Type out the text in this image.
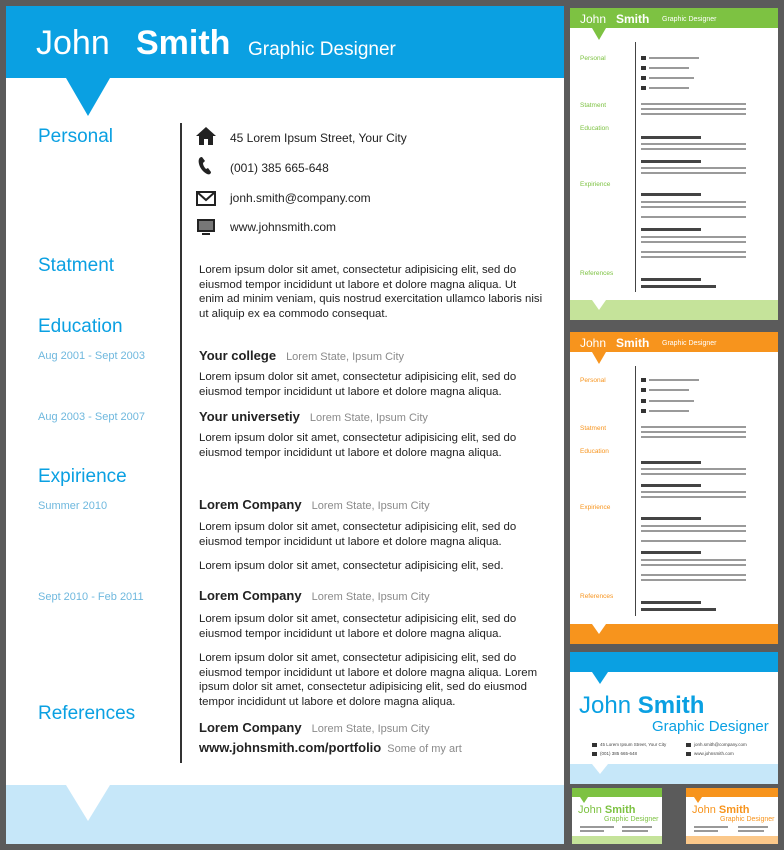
John Smith Graphic Designer
Personal
Statment
Education
Expirience
References
Aug 2001 - Sept 2003
Aug 2003 - Sept 2007
Summer 2010
Sept 2010 - Feb 2011
45 Lorem Ipsum Street, Your City
(001) 385 665-648
jonh.smith@company.com
www.johnsmith.com
Lorem ipsum dolor sit amet, consectetur adipisicing elit, sed do eiusmod tempor incididunt ut labore et dolore magna aliqua. Ut enim ad minim veniam, quis nostrud exercitation ullamco laboris nisi ut aliquip ex ea commodo consequat.
Your college Lorem State, Ipsum City
Lorem ipsum dolor sit amet, consectetur adipisicing elit, sed do eiusmod tempor incididunt ut labore et dolore magna aliqua.
Your universetiy Lorem State, Ipsum City
Lorem ipsum dolor sit amet, consectetur adipisicing elit, sed do eiusmod tempor incididunt ut labore et dolore magna aliqua.
Lorem Company Lorem State, Ipsum City
Lorem ipsum dolor sit amet, consectetur adipisicing elit, sed do eiusmod tempor incididunt ut labore et dolore magna aliqua.
Lorem ipsum dolor sit amet, consectetur adipisicing elit, sed.
Lorem Company Lorem State, Ipsum City
Lorem ipsum dolor sit amet, consectetur adipisicing elit, sed do eiusmod tempor incididunt ut labore et dolore magna aliqua.
Lorem ipsum dolor sit amet, consectetur adipisicing elit, sed do eiusmod tempor incididunt ut labore et dolore magna aliqua. Lorem ipsum dolor sit amet, consectetur adipisicing elit, sed do eiusmod tempor incididunt ut labore et dolore magna aliqua.
Lorem Company Lorem State, Ipsum City
www.johnsmith.com/portfolio Some of my art
John Smith Graphic Designer
Personal
Statment
Education
Expirience
References
John Smith Graphic Designer
Personal
Statment
Education
Expirience
References
John Smith
Graphic Designer
45 Lorem Ipsum Street, Your City
(001) 385 665-648
jonh.smith@company.com
www.johnsmith.com
John Smith
Graphic Designer
John Smith
Graphic Designer
